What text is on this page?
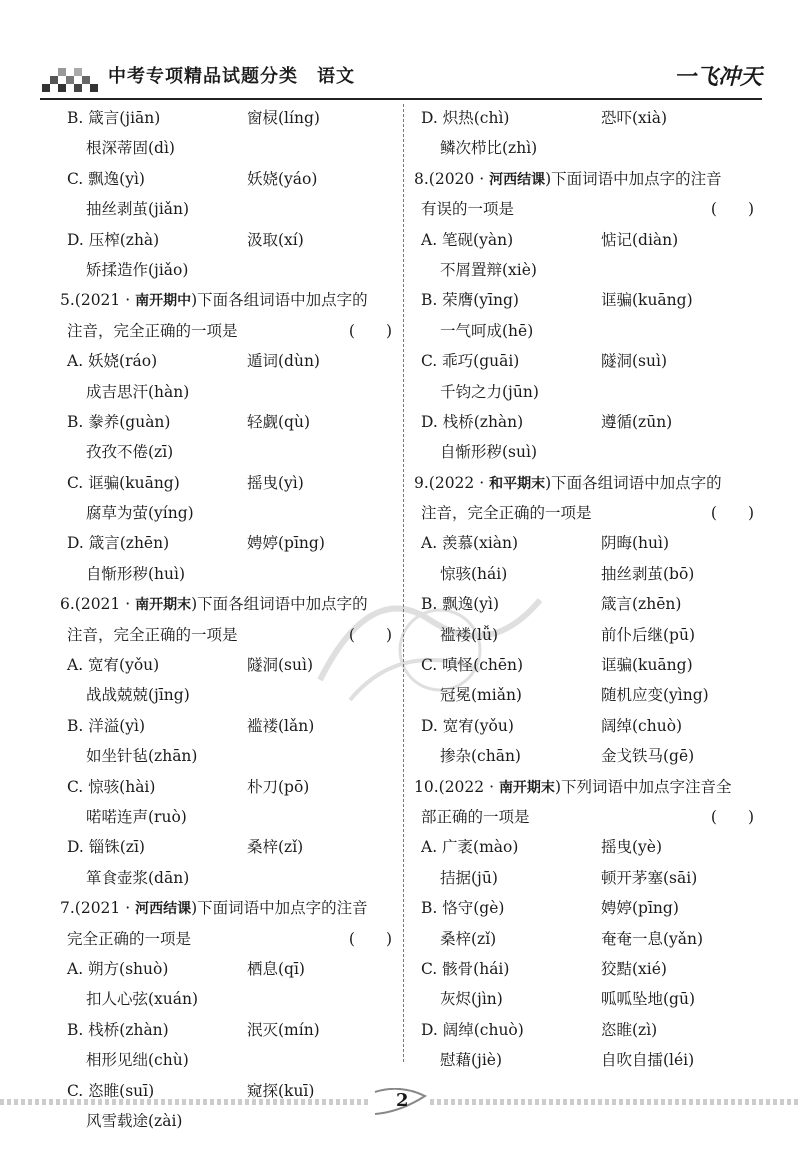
中考专项精品试题分类　语文	一飞冲天
B. 箴言(jiān)	窗棂(líng)
根深蒂固(dì)
C. 飘逸(yì)	妖娆(yáo)
抽丝剥茧(jiǎn)
D. 压榨(zhà)	汲取(xí)
矫揉造作(jiǎo)
5.(2021 · 南开期中)下面各组词语中加点字的
注音，完全正确的一项是	(　　)
A. 妖娆(ráo)	遁词(dùn)
成吉思汗(hàn)
B. 豢养(guàn)	轻觑(qù)
孜孜不倦(zī)
C. 诓骗(kuāng)	摇曳(yì)
腐草为萤(yíng)
D. 箴言(zhēn)	娉婷(pīng)
自惭形秽(huì)
6.(2021 · 南开期末)下面各组词语中加点字的
注音，完全正确的一项是	(　　)
A. 宽宥(yǒu)	隧洞(suì)
战战兢兢(jīng)
B. 洋溢(yì)	褴褛(lǎn)
如坐针毡(zhān)
C. 惊骇(hài)	朴刀(pō)
喏喏连声(ruò)
D. 锱铢(zī)	桑梓(zǐ)
箪食壶浆(dān)
7.(2021 · 河西结课)下面词语中加点字的注音
完全正确的一项是	(　　)
A. 朔方(shuò)	栖息(qī)
扣人心弦(xuán)
B. 栈桥(zhàn)	泯灭(mín)
相形见绌(chù)
C. 恣睢(suī)	窥探(kuī)
风雪载途(zài)
D. 炽热(chì)	恐吓(xià)
鳞次栉比(zhì)
8.(2020 · 河西结课)下面词语中加点字的注音
有误的一项是	(　　)
A. 笔砚(yàn)	惦记(diàn)
不屑置辩(xiè)
B. 荣膺(yīng)	诓骗(kuāng)
一气呵成(hē)
C. 乖巧(guāi)	隧洞(suì)
千钧之力(jūn)
D. 栈桥(zhàn)	遵循(zūn)
自惭形秽(suì)
9.(2022 · 和平期末)下面各组词语中加点字的
注音，完全正确的一项是	(　　)
A. 羡慕(xiàn)	阴晦(huì)
惊骇(hái)	抽丝剥茧(bō)
B. 飘逸(yì)	箴言(zhēn)
褴褛(lǚ)	前仆后继(pū)
C. 嗔怪(chēn)	诓骗(kuāng)
冠冕(miǎn)	随机应变(yìng)
D. 宽宥(yǒu)	阔绰(chuò)
掺杂(chān)	金戈铁马(gē)
10.(2022 · 南开期末)下列词语中加点字注音全
部正确的一项是	(　　)
A. 广袤(mào)	摇曳(yè)
拮据(jū)	顿开茅塞(sāi)
B. 恪守(gè)	娉婷(pīng)
桑梓(zǐ)	奄奄一息(yǎn)
C. 骸骨(hái)	狡黠(xié)
灰烬(jìn)	呱呱坠地(gū)
D. 阔绰(chuò)	恣睢(zì)
慰藉(jiè)	自吹自擂(léi)
2
